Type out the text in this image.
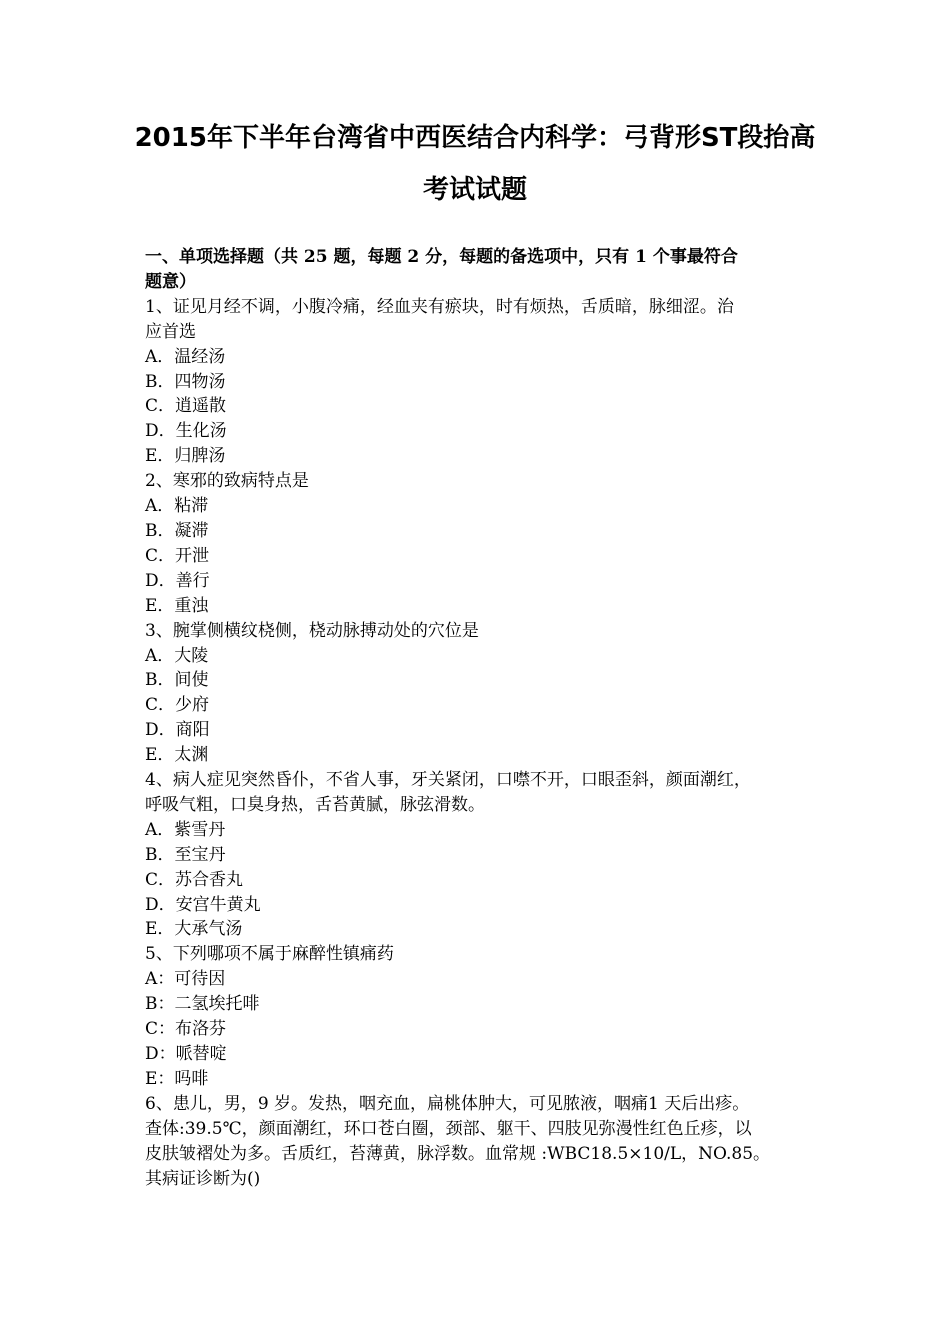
2015年下半年台湾省中西医结合内科学：弓背形ST段抬高
考试试题
一、单项选择题（共 25 题，每题 2 分，每题的备选项中，只有 1 个事最符合
题意）
1、证见月经不调，小腹冷痛，经血夹有瘀块，时有烦热，舌质暗，脉细涩。治
应首选
A．温经汤
B．四物汤
C．逍遥散
D．生化汤
E．归脾汤
2、寒邪的致病特点是
A．粘滞
B．凝滞
C．开泄
D．善行
E．重浊
3、腕掌侧横纹桡侧，桡动脉搏动处的穴位是
A．大陵
B．间使
C．少府
D．商阳
E．太渊
4、病人症见突然昏仆，不省人事，牙关紧闭，口噤不开，口眼歪斜，颜面潮红，
呼吸气粗，口臭身热，舌苔黄腻，脉弦滑数。
A．紫雪丹
B．至宝丹
C．苏合香丸
D．安宫牛黄丸
E．大承气汤
5、下列哪项不属于麻醉性镇痛药
A：可待因
B：二氢埃托啡
C：布洛芬
D：哌替啶
E：吗啡
6、患儿，男，9 岁。发热，咽充血，扁桃体肿大，可见脓液，咽痛1 天后出疹。
查体:39.5℃，颜面潮红，环口苍白圈，颈部、躯干、四肢见弥漫性红色丘疹，以
皮肤皱褶处为多。舌质红，苔薄黄，脉浮数。血常规 :WBC18.5×10/L，NO.85。
其病证诊断为()
